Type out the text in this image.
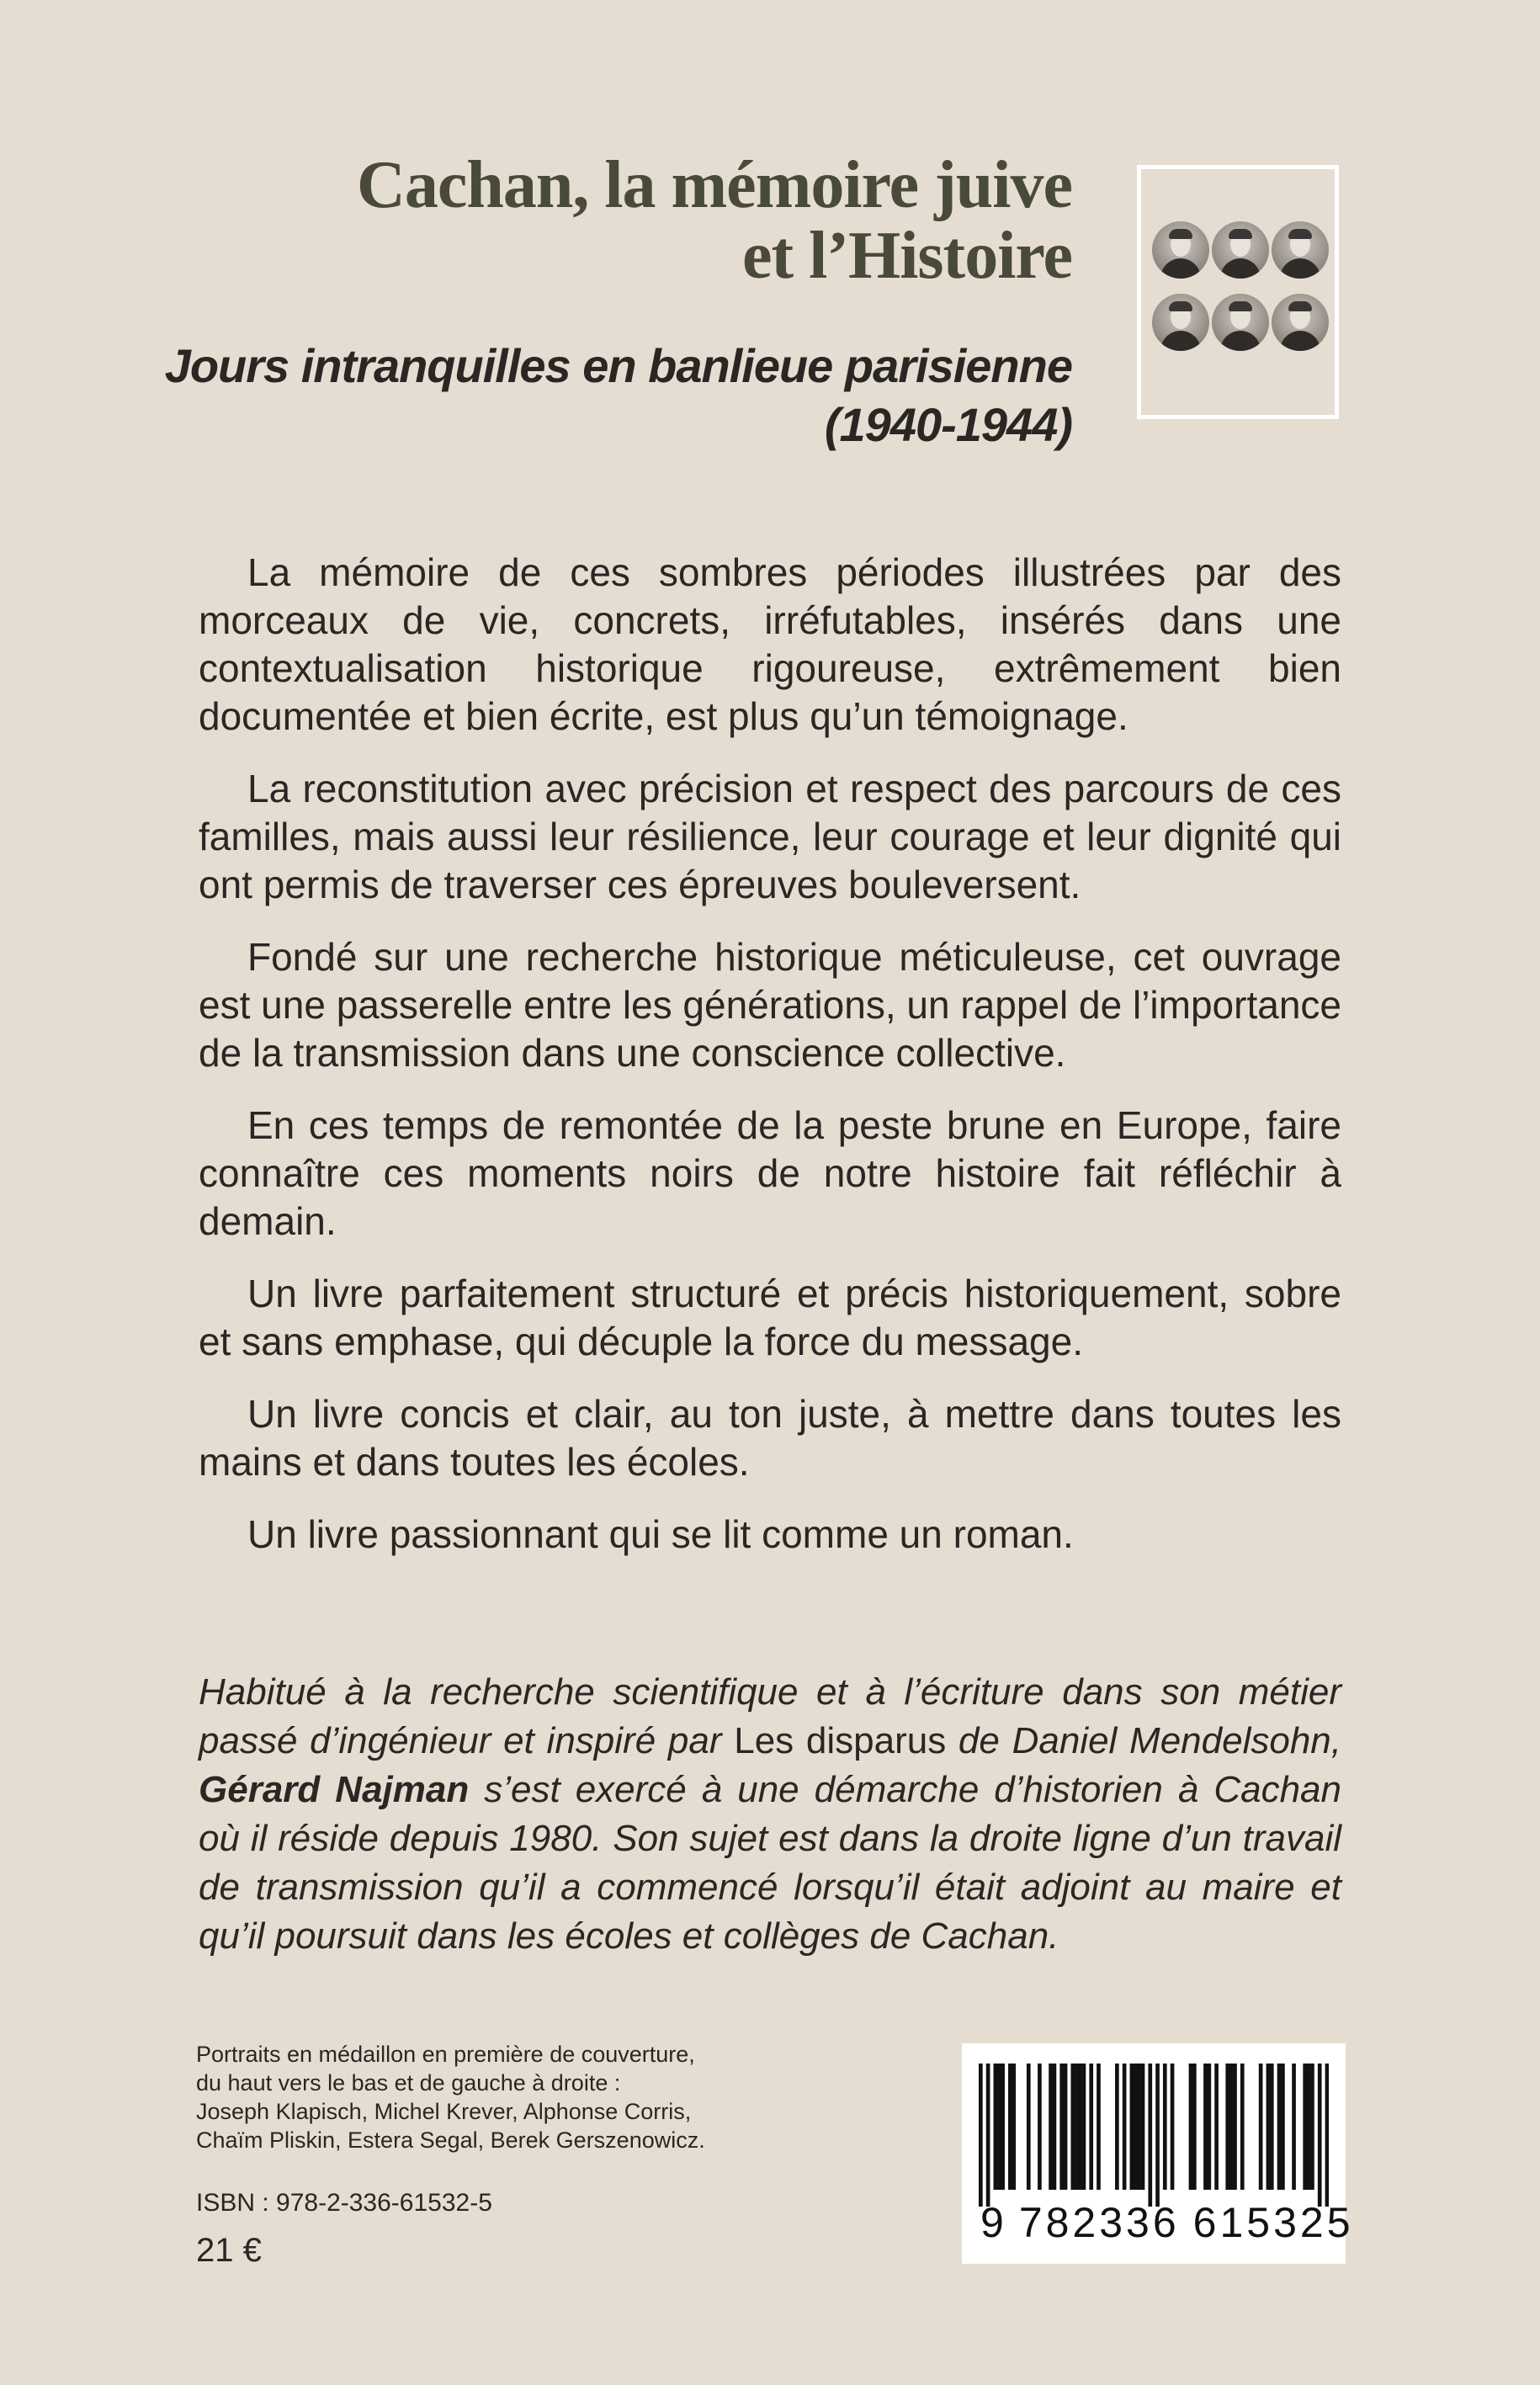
Cachan, la mémoire juive
et l’Histoire
Jours intranquilles en banlieue parisienne
(1940-1944)

La mémoire de ces sombres périodes illustrées par des morceaux de vie, concrets, irréfutables, insérés dans une contextualisation historique rigoureuse, extrêmement bien documentée et bien écrite, est plus qu’un témoignage.

La reconstitution avec précision et respect des parcours de ces familles, mais aussi leur résilience, leur courage et leur dignité qui ont permis de traverser ces épreuves bouleversent.

Fondé sur une recherche historique méticuleuse, cet ouvrage est une passerelle entre les générations, un rappel de l’importance de la transmission dans une conscience collective.

En ces temps de remontée de la peste brune en Europe, faire connaître ces moments noirs de notre histoire fait réfléchir à demain.

Un livre parfaitement structuré et précis historiquement, sobre et sans emphase, qui décuple la force du message.

Un livre concis et clair, au ton juste, à mettre dans toutes les mains et dans toutes les écoles.

Un livre passionnant qui se lit comme un roman.

Habitué à la recherche scientifique et à l’écriture dans son métier passé d’ingénieur et inspiré par Les disparus de Daniel Mendelsohn, Gérard Najman s’est exercé à une démarche d’historien à Cachan où il réside depuis 1980. Son sujet est dans la droite ligne d’un travail de transmission qu’il a commencé lorsqu’il était adjoint au maire et qu’il poursuit dans les écoles et collèges de Cachan.

Portraits en médaillon en première de couverture,
du haut vers le bas et de gauche à droite :
Joseph Klapisch, Michel Krever, Alphonse Corris,
Chaïm Pliskin, Estera Segal, Berek Gerszenowicz.
ISBN : 978-2-336-61532-5
21 €
9 782336 615325
